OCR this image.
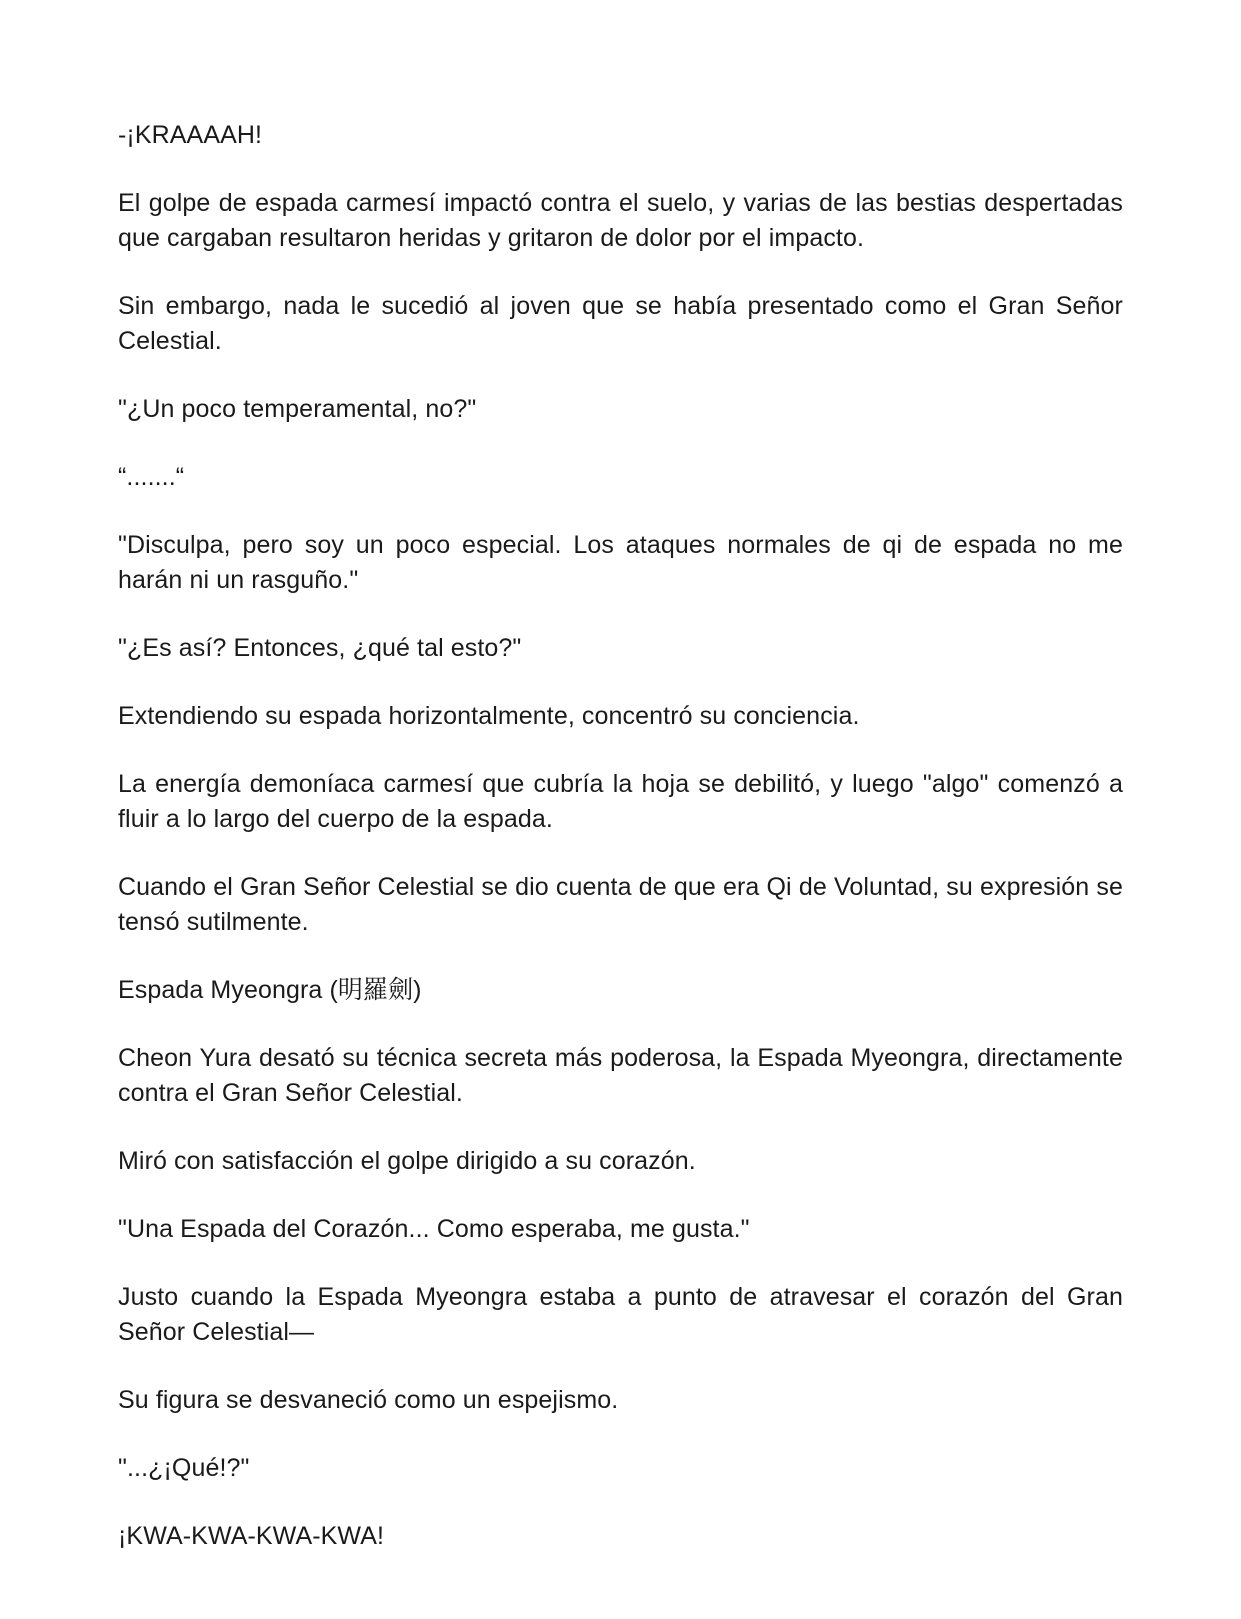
-¡KRAAAAH!

El golpe de espada carmesí impactó contra el suelo, y varias de las bestias despertadas que cargaban resultaron heridas y gritaron de dolor por el impacto.

Sin embargo, nada le sucedió al joven que se había presentado como el Gran Señor Celestial.

"¿Un poco temperamental, no?"

“.......“

"Disculpa, pero soy un poco especial. Los ataques normales de qi de espada no me harán ni un rasguño."

"¿Es así? Entonces, ¿qué tal esto?"

Extendiendo su espada horizontalmente, concentró su conciencia.

La energía demoníaca carmesí que cubría la hoja se debilitó, y luego "algo" comenzó a fluir a lo largo del cuerpo de la espada.

Cuando el Gran Señor Celestial se dio cuenta de que era Qi de Voluntad, su expresión se tensó sutilmente.

Espada Myeongra (明羅劍)

Cheon Yura desató su técnica secreta más poderosa, la Espada Myeongra, directamente contra el Gran Señor Celestial.

Miró con satisfacción el golpe dirigido a su corazón.

"Una Espada del Corazón... Como esperaba, me gusta."

Justo cuando la Espada Myeongra estaba a punto de atravesar el corazón del Gran Señor Celestial—

Su figura se desvaneció como un espejismo.

"...¿¡Qué!?"

¡KWA-KWA-KWA-KWA!
